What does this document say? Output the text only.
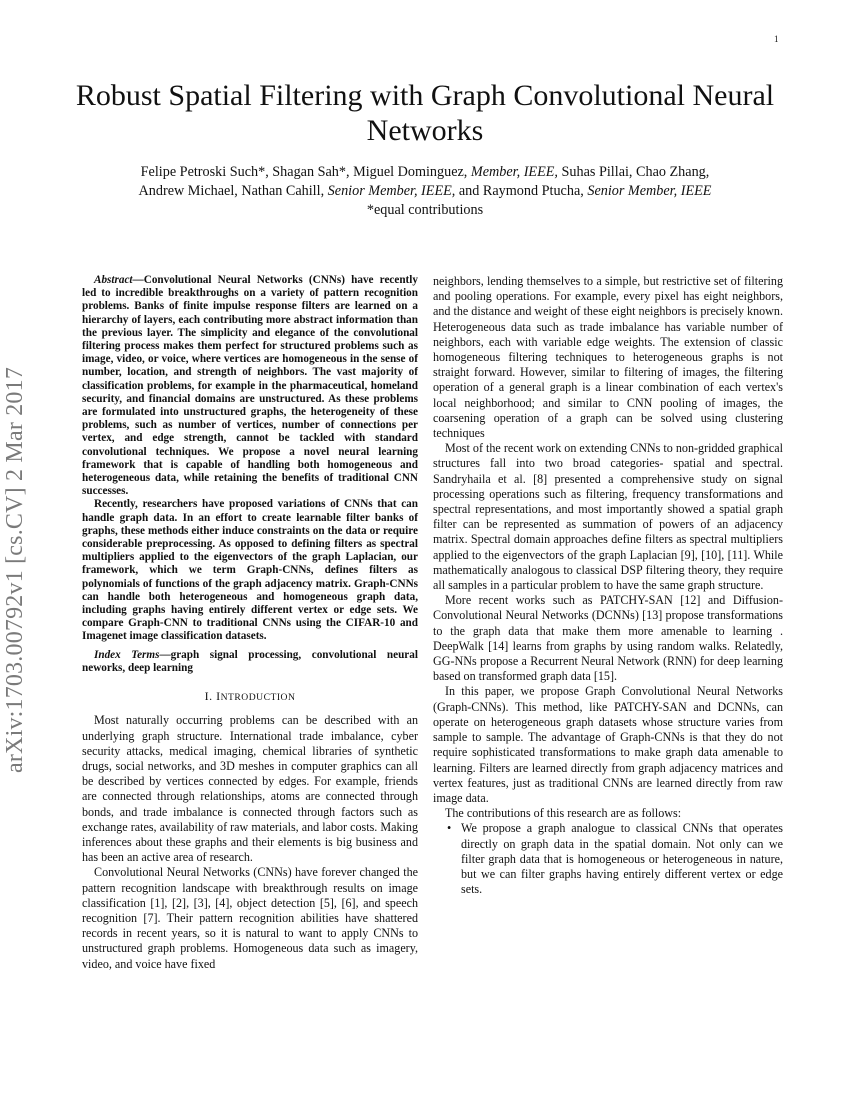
1
arXiv:1703.00792v1 [cs.CV] 2 Mar 2017
Robust Spatial Filtering with Graph Convolutional Neural Networks
Felipe Petroski Such*, Shagan Sah*, Miguel Dominguez, Member, IEEE, Suhas Pillai, Chao Zhang,
Andrew Michael, Nathan Cahill, Senior Member, IEEE, and Raymond Ptucha, Senior Member, IEEE
*equal contributions

Abstract—Convolutional Neural Networks (CNNs) have recently led to incredible breakthroughs on a variety of pattern recognition problems. Banks of finite impulse response filters are learned on a hierarchy of layers, each contributing more abstract information than the previous layer. The simplicity and elegance of the convolutional filtering process makes them perfect for structured problems such as image, video, or voice, where vertices are homogeneous in the sense of number, location, and strength of neighbors. The vast majority of classification problems, for example in the pharmaceutical, homeland security, and financial domains are unstructured. As these problems are formulated into unstructured graphs, the heterogeneity of these problems, such as number of vertices, number of connections per vertex, and edge strength, cannot be tackled with standard convolutional techniques. We propose a novel neural learning framework that is capable of handling both homogeneous and heterogeneous data, while retaining the benefits of traditional CNN successes.

Recently, researchers have proposed variations of CNNs that can handle graph data. In an effort to create learnable filter banks of graphs, these methods either induce constraints on the data or require considerable preprocessing. As opposed to defining filters as spectral multipliers applied to the eigenvectors of the graph Laplacian, our framework, which we term Graph-CNNs, defines filters as polynomials of functions of the graph adjacency matrix. Graph-CNNs can handle both heterogeneous and homogeneous graph data, including graphs having entirely different vertex or edge sets. We compare Graph-CNN to traditional CNNs using the CIFAR-10 and Imagenet image classification datasets.

Index Terms—graph signal processing, convolutional neural neworks, deep learning

I. INTRODUCTION

Most naturally occurring problems can be described with an underlying graph structure. International trade imbalance, cyber security attacks, medical imaging, chemical libraries of synthetic drugs, social networks, and 3D meshes in computer graphics can all be described by vertices connected by edges. For example, friends are connected through relationships, atoms are connected through bonds, and trade imbalance is connected through factors such as exchange rates, availability of raw materials, and labor costs. Making inferences about these graphs and their elements is big business and has been an active area of research.

Convolutional Neural Networks (CNNs) have forever changed the pattern recognition landscape with breakthrough results on image classification [1], [2], [3], [4], object detection [5], [6], and speech recognition [7]. Their pattern recognition abilities have shattered records in recent years, so it is natural to want to apply CNNs to unstructured graph problems. Homogeneous data such as imagery, video, and voice have fixed

neighbors, lending themselves to a simple, but restrictive set of filtering and pooling operations. For example, every pixel has eight neighbors, and the distance and weight of these eight neighbors is precisely known. Heterogeneous data such as trade imbalance has variable number of neighbors, each with variable edge weights. The extension of classic homogeneous filtering techniques to heterogeneous graphs is not straight forward. However, similar to filtering of images, the filtering operation of a general graph is a linear combination of each vertex's local neighborhood; and similar to CNN pooling of images, the coarsening operation of a graph can be solved using clustering techniques

Most of the recent work on extending CNNs to non-gridded graphical structures fall into two broad categories- spatial and spectral. Sandryhaila et al. [8] presented a comprehensive study on signal processing operations such as filtering, frequency transformations and spectral representations, and most importantly showed a spatial graph filter can be represented as summation of powers of an adjacency matrix. Spectral domain approaches define filters as spectral multipliers applied to the eigenvectors of the graph Laplacian [9], [10], [11]. While mathematically analogous to classical DSP filtering theory, they require all samples in a particular problem to have the same graph structure.

More recent works such as PATCHY-SAN [12] and Diffusion-Convolutional Neural Networks (DCNNs) [13] propose transformations to the graph data that make them more amenable to learning . DeepWalk [14] learns from graphs by using random walks. Relatedly, GG-NNs propose a Recurrent Neural Network (RNN) for deep learning based on transformed graph data [15].

In this paper, we propose Graph Convolutional Neural Networks (Graph-CNNs). This method, like PATCHY-SAN and DCNNs, can operate on heterogeneous graph datasets whose structure varies from sample to sample. The advantage of Graph-CNNs is that they do not require sophisticated transformations to make graph data amenable to learning. Filters are learned directly from graph adjacency matrices and vertex features, just as traditional CNNs are learned directly from raw image data.

The contributions of this research are as follows:

• We propose a graph analogue to classical CNNs that operates directly on graph data in the spatial domain. Not only can we filter graph data that is homogeneous or heterogeneous in nature, but we can filter graphs having entirely different vertex or edge sets.
